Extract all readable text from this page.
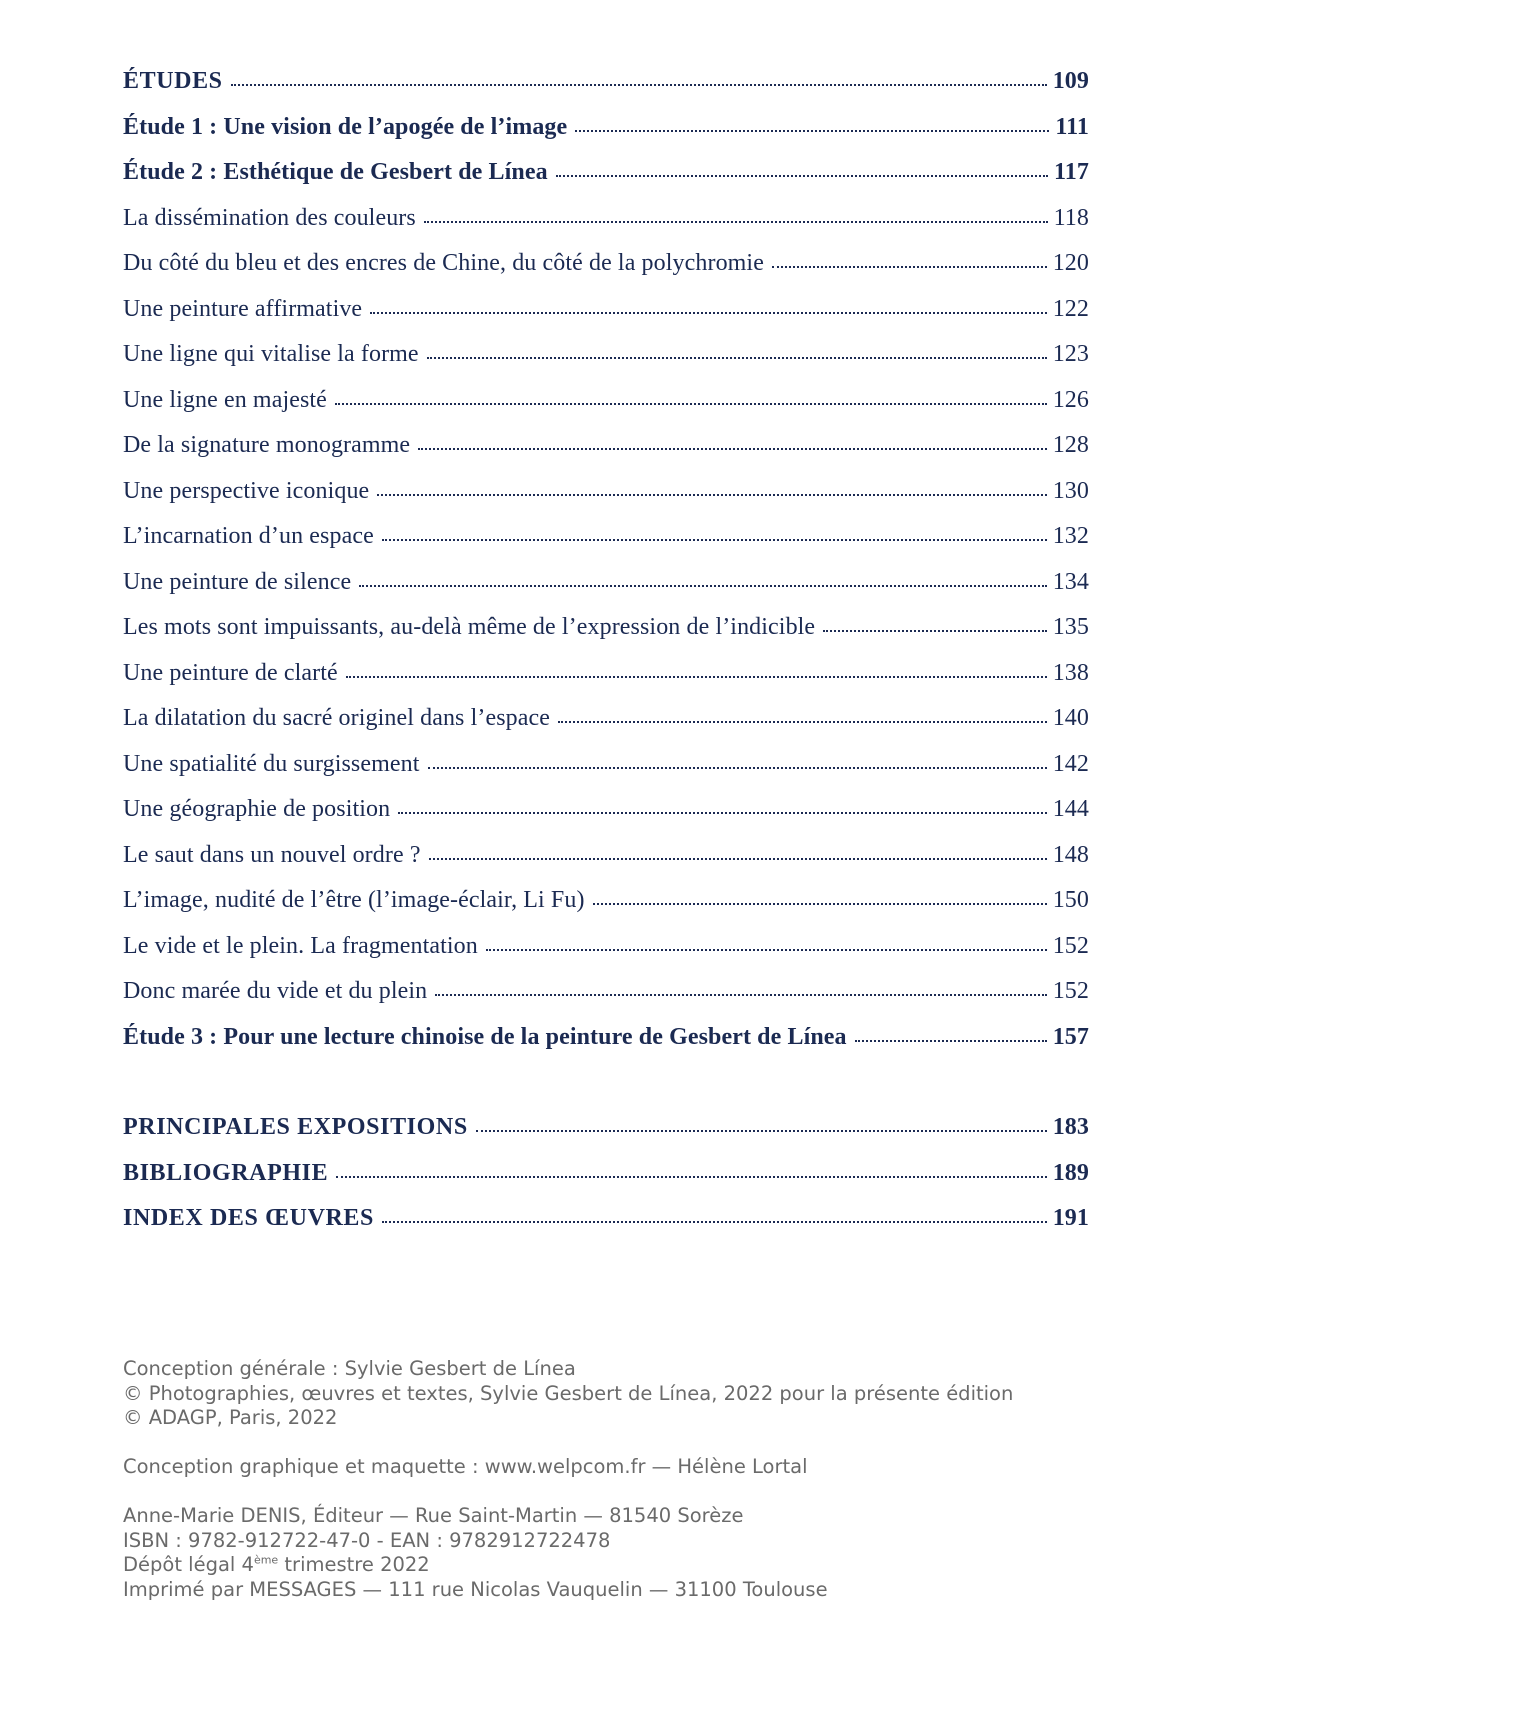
ÉTUDES	109
Étude 1 : Une vision de l’apogée de l’image	111
Étude 2 : Esthétique de Gesbert de Línea	117
La dissémination des couleurs	118
Du côté du bleu et des encres de Chine, du côté de la polychromie	120
Une peinture affirmative	122
Une ligne qui vitalise la forme	123
Une ligne en majesté	126
De la signature monogramme	128
Une perspective iconique	130
L’incarnation d’un espace	132
Une peinture de silence	134
Les mots sont impuissants, au-delà même de l’expression de l’indicible	135
Une peinture de clarté	138
La dilatation du sacré originel dans l’espace	140
Une spatialité du surgissement	142
Une géographie de position	144
Le saut dans un nouvel ordre ?	148
L’image, nudité de l’être (l’image-éclair, Li Fu)	150
Le vide et le plein. La fragmentation	152
Donc marée du vide et du plein	152
Étude 3 : Pour une lecture chinoise de la peinture de Gesbert de Línea	157
PRINCIPALES EXPOSITIONS	183
BIBLIOGRAPHIE	189
INDEX DES ŒUVRES	191
Conception générale : Sylvie Gesbert de Línea
© Photographies, œuvres et textes, Sylvie Gesbert de Línea, 2022 pour la présente édition
© ADAGP, Paris, 2022
Conception graphique et maquette : www.welpcom.fr — Hélène Lortal
Anne-Marie DENIS, Éditeur — Rue Saint-Martin — 81540 Sorèze
ISBN : 9782-912722-47-0 - EAN : 9782912722478
Dépôt légal 4ème trimestre 2022
Imprimé par MESSAGES — 111 rue Nicolas Vauquelin — 31100 Toulouse
